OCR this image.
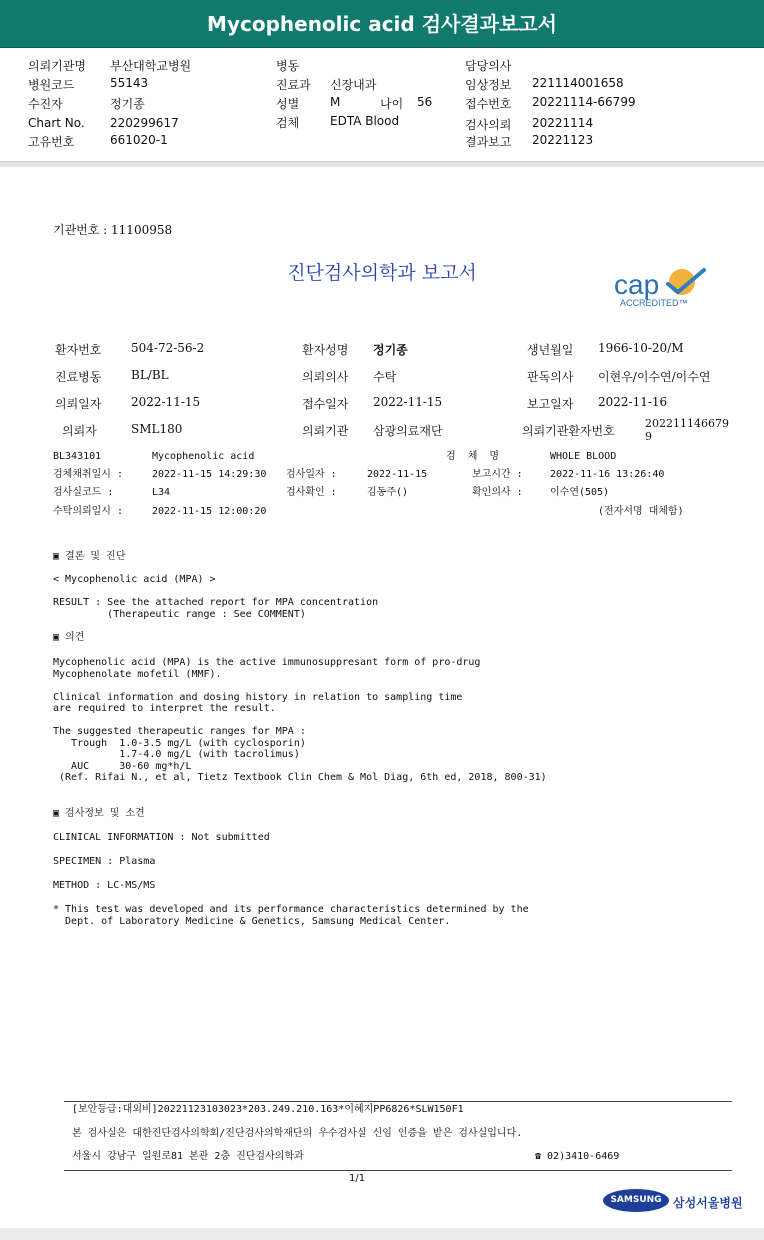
Mycophenolic acid 검사결과보고서
의뢰기관명 부산대학교병원
병원코드	55143
수진자	정기종
Chart No. 220299617
고유번호	661020-1
병동
진료과 신장내과
성별	M	나이 56
검체	EDTA Blood
담당의사
임상정보 221114001658
접수번호 20221114-66799
검사의뢰 20221114
결과보고 20221123
기관번호 : 11100958
진단검사의학과 보고서	cap
ACCREDITED™
환자번호 504-72-56-2	환자성명 정기종	생년월일 1966-10-20/M
진료병동 BL/BL	의뢰의사 수탁	판독의사 이현우/이수연/이수연
의뢰일자 2022-11-15	접수일자 2022-11-15	보고일자 2022-11-16
의뢰자	SML180	의뢰기관 삼광의료재단	의뢰기관환자번호
202211146679
9
BL343101	Mycophenolic acid	검  체  명	WHOLE BLOOD
검체채취일시 :	2022-11-15 14:29:30 검사일자 :	2022-11-15	보고시간 :	2022-11-16 13:26:40
검사실코드 :	L34	검사확인 :	김동주()	확인의사 :	이수연(505)
수탁의뢰일시 :	2022-11-15 12:00:20	(전자서명 대체함)
▣ 결론 및 진단
< Mycophenolic acid (MPA) >

RESULT : See the attached report for MPA concentration
(Therapeutic range : See COMMENT)
▣ 의견
Mycophenolic acid (MPA) is the active immunosuppresant form of pro-drug
Mycophenolate mofetil (MMF).

Clinical information and dosing history in relation to sampling time
are required to interpret the result.

The suggested therapeutic ranges for MPA :
Trough  1.0-3.5 mg/L (with cyclosporin)
1.7-4.0 mg/L (with tacrolimus)
AUC     30-60 mg*h/L
(Ref. Rifai N., et al, Tietz Textbook Clin Chem & Mol Diag, 6th ed, 2018, 800-31)
▣ 검사정보 및 소견
CLINICAL INFORMATION : Not submitted

SPECIMEN : Plasma

METHOD : LC-MS/MS

* This test was developed and its performance characteristics determined by the
Dept. of Laboratory Medicine & Genetics, Samsung Medical Center.
[보안등급:대외비]20221123103023*203.249.210.163*이혜지PP6826*SLW150F1
본 검사실은 대한진단검사의학회/진단검사의학재단의 우수검사실 신임 인증을 받은 검사실입니다.
서울시 강남구 일원로81 본관 2층 진단검사의학과	☎ 02)3410-6469
1/1
SAMSUNG 삼성서울병원
